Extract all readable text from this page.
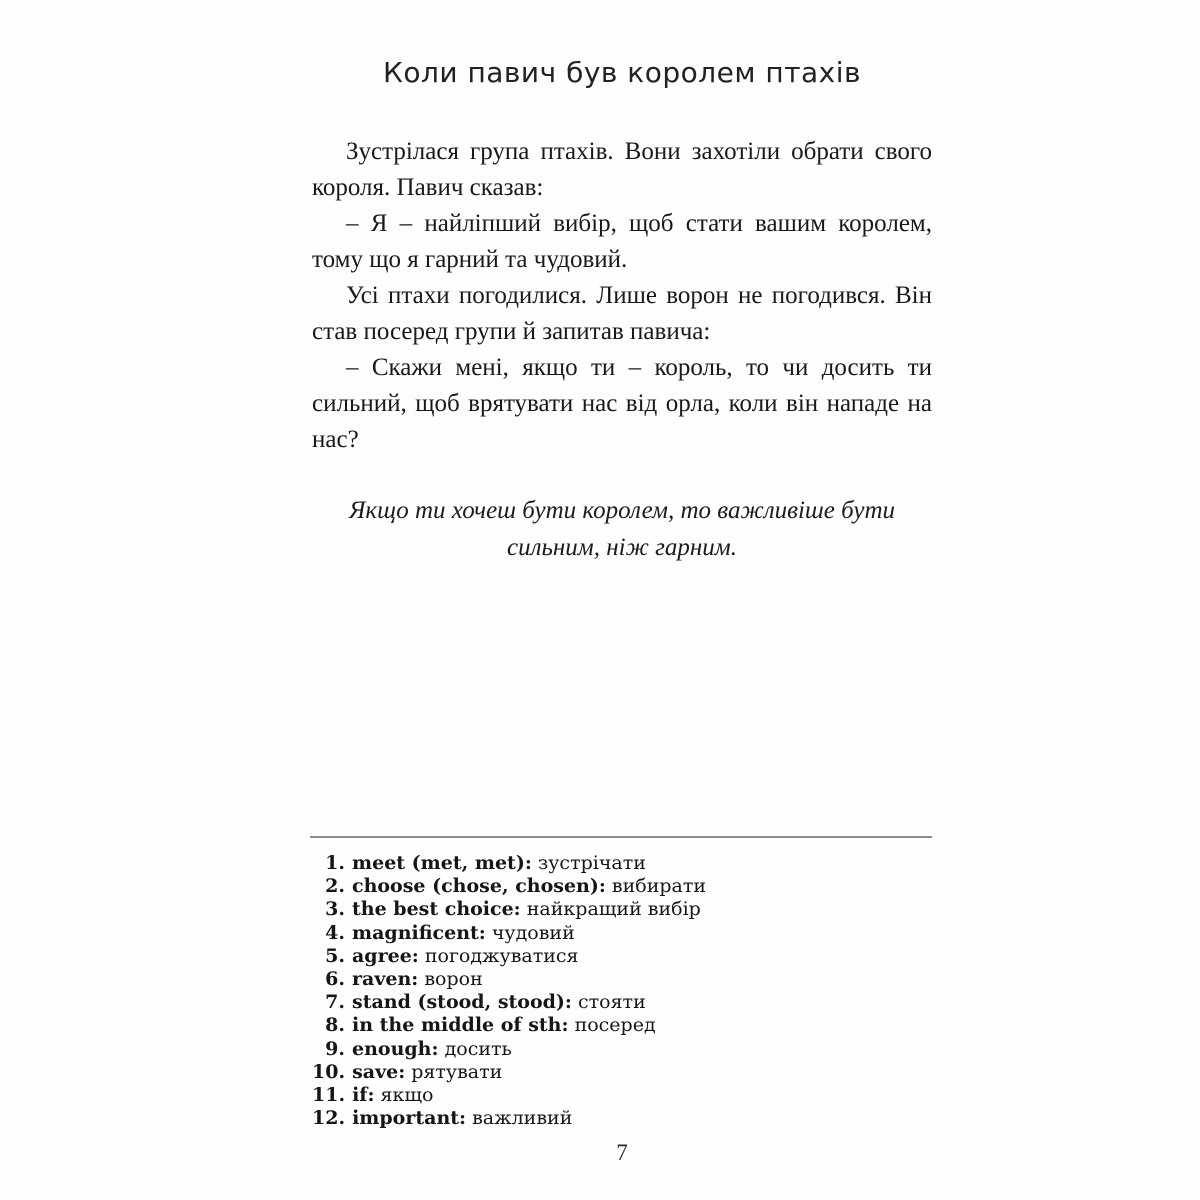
Коли павич був королем птахів

Зустрілася група птахів. Вони захотіли обрати свого короля. Павич сказав:

– Я – найліпший вибір, щоб стати вашим королем, тому що я гарний та чудовий.

Усі птахи погодилися. Лише ворон не погодився. Він став посеред групи й запитав павича:

– Скажи мені, якщо ти – король, то чи досить ти сильний, щоб врятувати нас від орла, коли він нападе на нас?

Якщо ти хочеш бути королем, то важливіше бути сильним, ніж гарним.
1. meet (met, met): зустрічати
2. choose (chose, chosen): вибирати
3. the best choice: найкращий вибір
4. magnificent: чудовий
5. agree: погоджуватися
6. raven: ворон
7. stand (stood, stood): стояти
8. in the middle of sth: посеред
9. enough: досить
10. save: рятувати
11. if: якщо
12. important: важливий
7
